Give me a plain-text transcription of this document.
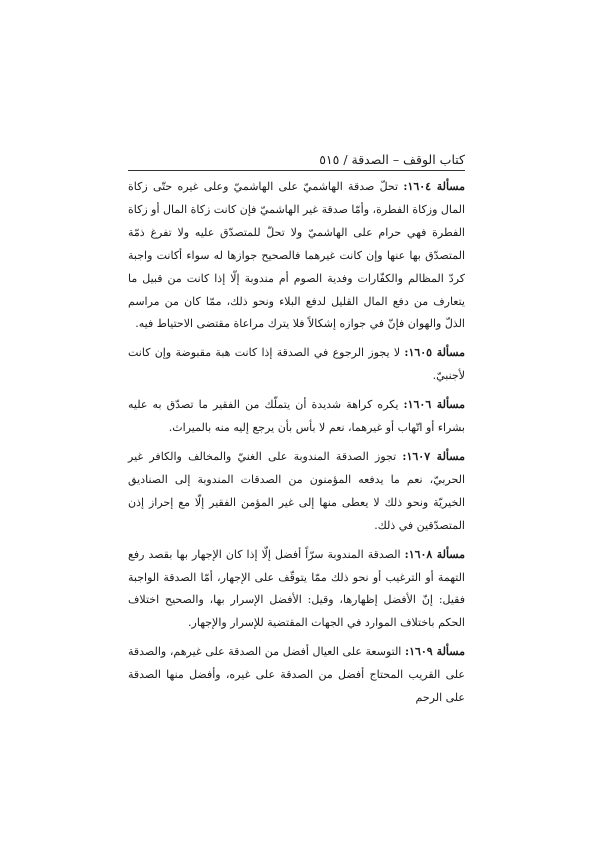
كتاب الوقف – الصدقة / ٥١٥

مسألة ١٦٠٤: تحلّ صدقة الهاشميّ على الهاشميّ وعلى غيره حتّى زكاة المال وزكاة الفطرة، وأمّا صدقة غير الهاشميّ فإن كانت زكاة المال أو زكاة الفطرة فهي حرام على الهاشميّ ولا تحلّ للمتصدّق عليه ولا تفرغ ذمّة المتصدّق بها عنها وإن كانت غيرهما فالصحيح جوازها له سواء أكانت واجبة كردّ المظالم والكفّارات وفدية الصوم أم مندوبة إلّا إذا كانت من قبيل ما يتعارف من دفع المال القليل لدفع البلاء ونحو ذلك، ممّا كان من مراسم الذلّ والهوان فإنّ في جوازه إشكالاً فلا يترك مراعاة مقتضى الاحتياط فيه.

مسألة ١٦٠٥: لا يجوز الرجوع في الصدقة إذا كانت هبة مقبوضة وإن كانت لأجنبيّ.

مسألة ١٦٠٦: يكره كراهة شديدة أن يتملّك من الفقير ما تصدّق به عليه بشراء أو اتّهاب أو غيرهما، نعم لا بأس بأن يرجع إليه منه بالميراث.

مسألة ١٦٠٧: تجوز الصدقة المندوبة على الغنيّ والمخالف والكافر غير الحربيّ، نعم ما يدفعه المؤمنون من الصدقات المندوبة إلى الصناديق الخيريّة ونحو ذلك لا يعطى منها إلى غير المؤمن الفقير إلّا مع إحراز إذن المتصدّقين في ذلك.

مسألة ١٦٠٨: الصدقة المندوبة سرّاً أفضل إلّا إذا كان الإجهار بها بقصد رفع التهمة أو الترغيب أو نحو ذلك ممّا يتوقّف على الإجهار، أمّا الصدقة الواجبة فقيل: إنّ الأفضل إظهارها، وقيل: الأفضل الإسرار بها، والصحيح اختلاف الحكم باختلاف الموارد في الجهات المقتضية للإسرار والإجهار.

مسألة ١٦٠٩: التوسعة على العيال أفضل من الصدقة على غيرهم، والصدقة على القريب المحتاج أفضل من الصدقة على غيره، وأفضل منها الصدقة على الرحم
